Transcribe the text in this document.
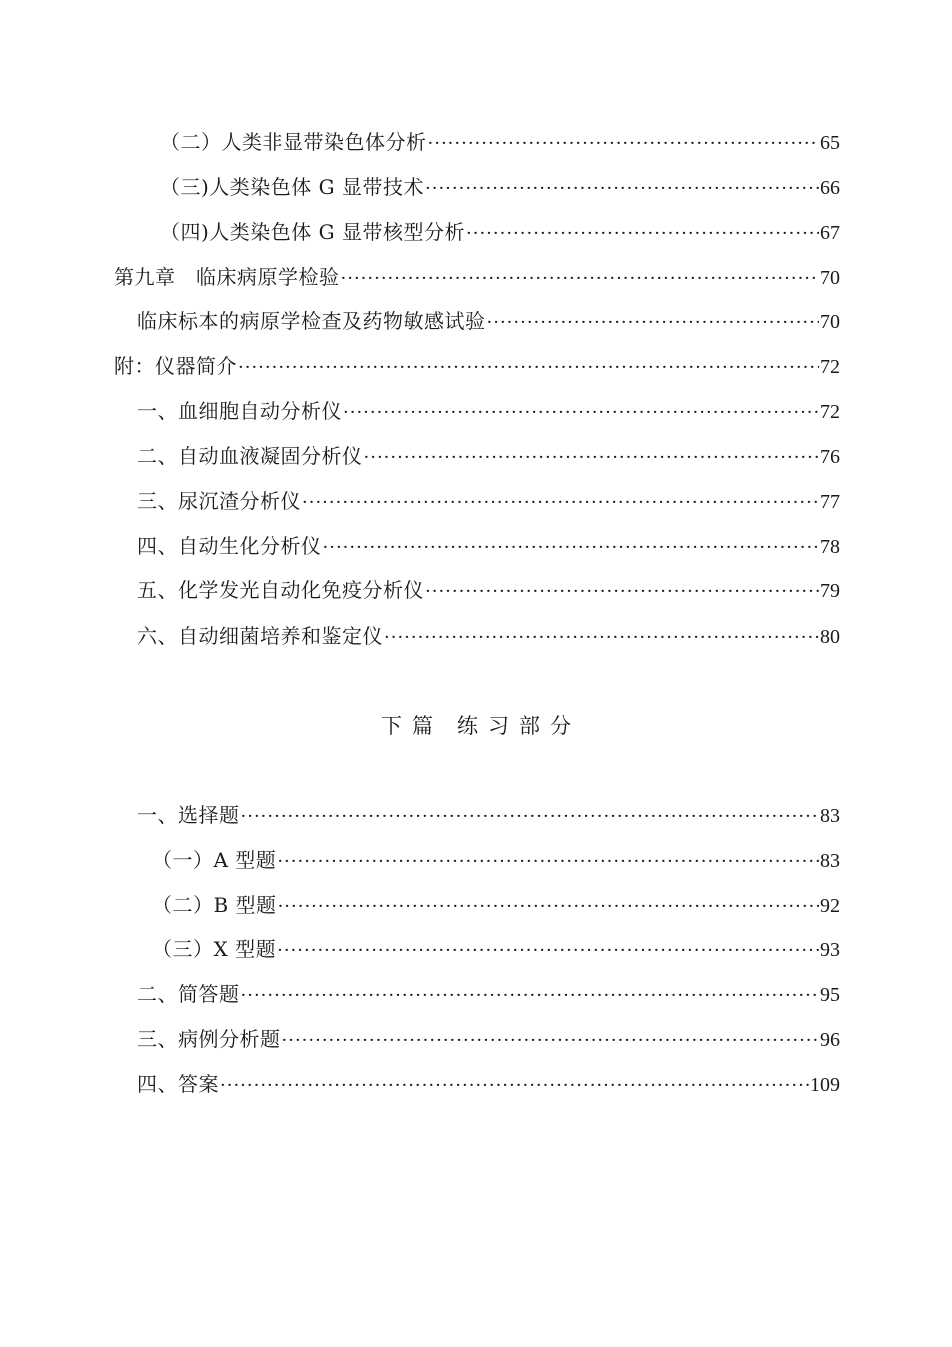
（二）人类非显带染色体分析 ·····	65
（三)人类染色体 G 显带技术 ·····	66
（四)人类染色体 G 显带核型分析 ·····	67
第九章　临床病原学检验 ·····	70
临床标本的病原学检查及药物敏感试验 ·····	70
附：仪器简介 ·····	72
一、血细胞自动分析仪 ·····	72
二、自动血液凝固分析仪 ·····	76
三、尿沉渣分析仪 ·····	77
四、自动生化分析仪 ·····	78
五、化学发光自动化免疫分析仪 ·····	79
六、自动细菌培养和鉴定仪 ·····	80
下篇 练习部分
一、选择题 ·····	83
（一）A 型题 ·····	83
（二）B 型题 ·····	92
（三）X 型题 ·····	93
二、简答题 ·····	95
三、病例分析题 ·····	96
四、答案 ·····	109
